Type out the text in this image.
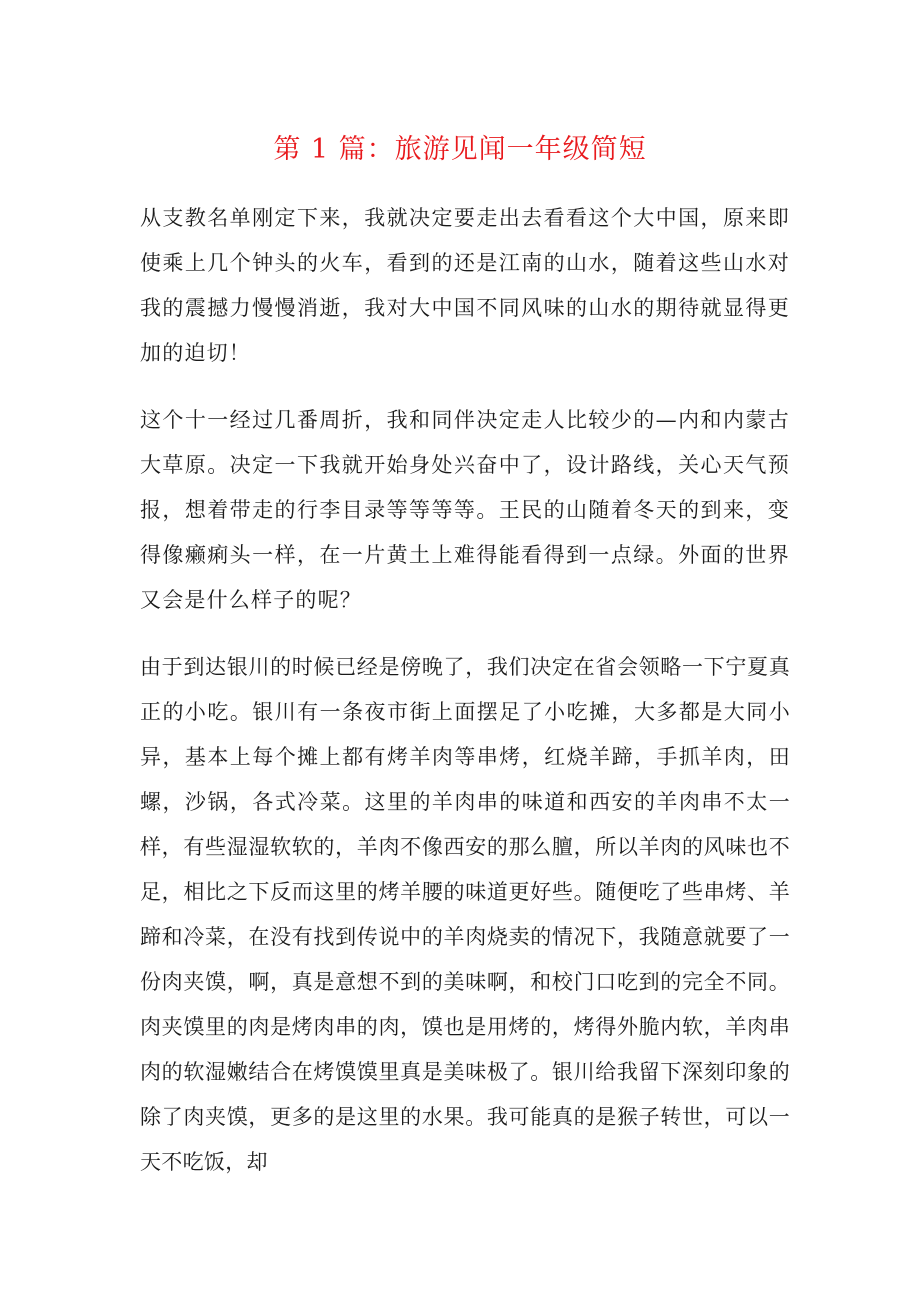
第 1 篇：旅游见闻一年级简短

从支教名单刚定下来，我就决定要走出去看看这个大中国，原来即使乘上几个钟头的火车，看到的还是江南的山水，随着这些山水对我的震撼力慢慢消逝，我对大中国不同风味的山水的期待就显得更加的迫切！

这个十一经过几番周折，我和同伴决定走人比较少的—内和内蒙古大草原。决定一下我就开始身处兴奋中了，设计路线，关心天气预报，想着带走的行李目录等等等等。王民的山随着冬天的到来，变得像癞痢头一样，在一片黄土上难得能看得到一点绿。外面的世界又会是什么样子的呢？

由于到达银川的时候已经是傍晚了，我们决定在省会领略一下宁夏真正的小吃。银川有一条夜市街上面摆足了小吃摊，大多都是大同小异，基本上每个摊上都有烤羊肉等串烤，红烧羊蹄，手抓羊肉，田螺，沙锅，各式冷菜。这里的羊肉串的味道和西安的羊肉串不太一样，有些湿湿软软的，羊肉不像西安的那么膻，所以羊肉的风味也不足，相比之下反而这里的烤羊腰的味道更好些。随便吃了些串烤、羊蹄和冷菜，在没有找到传说中的羊肉烧卖的情况下，我随意就要了一份肉夹馍，啊，真是意想不到的美味啊，和校门口吃到的完全不同。肉夹馍里的肉是烤肉串的肉，馍也是用烤的，烤得外脆内软，羊肉串肉的软湿嫩结合在烤馍馍里真是美味极了。银川给我留下深刻印象的除了肉夹馍，更多的是这里的水果。我可能真的是猴子转世，可以一天不吃饭，却
